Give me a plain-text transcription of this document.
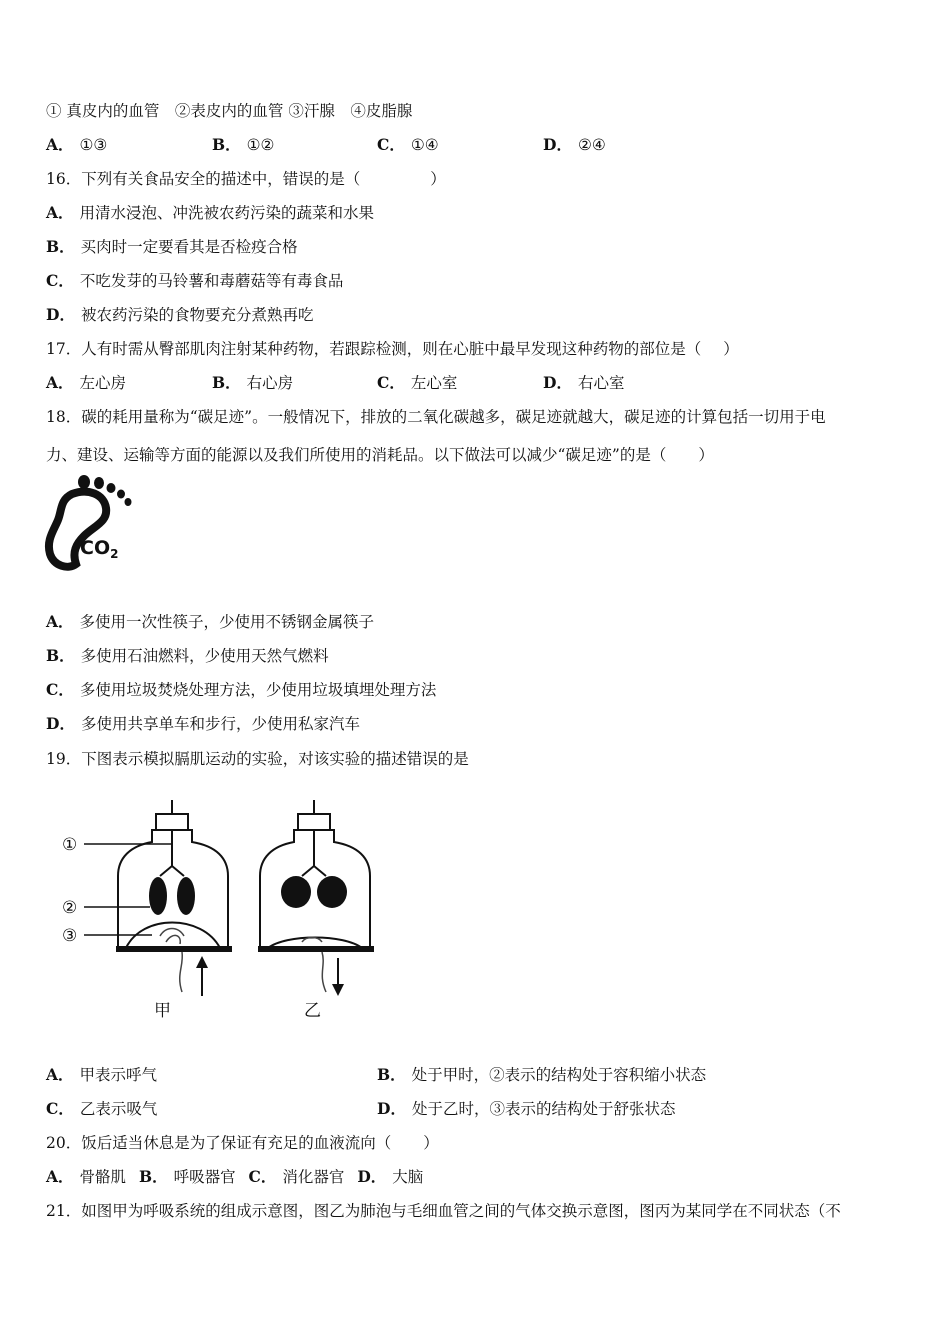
① 真皮内的血管　②表皮内的血管 ③汗腺　④皮脂腺
A． ①③	B． ①②	C． ①④	D． ②④
16．下列有关食品安全的描述中，错误的是（	）
A． 用清水浸泡、冲洗被农药污染的蔬菜和水果
B． 买肉时一定要看其是否检疫合格
C． 不吃发芽的马铃薯和毒蘑菇等有毒食品
D． 被农药污染的食物要充分煮熟再吃
17．人有时需从臀部肌肉注射某种药物，若跟踪检测，则在心脏中最早发现这种药物的部位是（ ）
A． 左心房	B． 右心房	C． 左心室	D． 右心室
18．碳的耗用量称为“碳足迹”。一般情况下，排放的二氧化碳越多，碳足迹就越大，碳足迹的计算包括一切用于电
力、建设、运输等方面的能源以及我们所使用的消耗品。以下做法可以减少“碳足迹”的是（ ）
$CO_2$
A． 多使用一次性筷子，少使用不锈钢金属筷子
B． 多使用石油燃料，少使用天然气燃料
C． 多使用垃圾焚烧处理方法，少使用垃圾填埋处理方法
D． 多使用共享单车和步行，少使用私家汽车
19．下图表示模拟膈肌运动的实验，对该实验的描述错误的是
①
②
③
甲	乙
A． 甲表示呼气	B． 处于甲时，②表示的结构处于容积缩小状态
C． 乙表示吸气	D． 处于乙时，③表示的结构处于舒张状态
20．饭后适当休息是为了保证有充足的血液流向（ ）
A． 骨骼肌 B． 呼吸器官 C． 消化器官 D． 大脑
21．如图甲为呼吸系统的组成示意图，图乙为肺泡与毛细血管之间的气体交换示意图，图丙为某同学在不同状态（不
